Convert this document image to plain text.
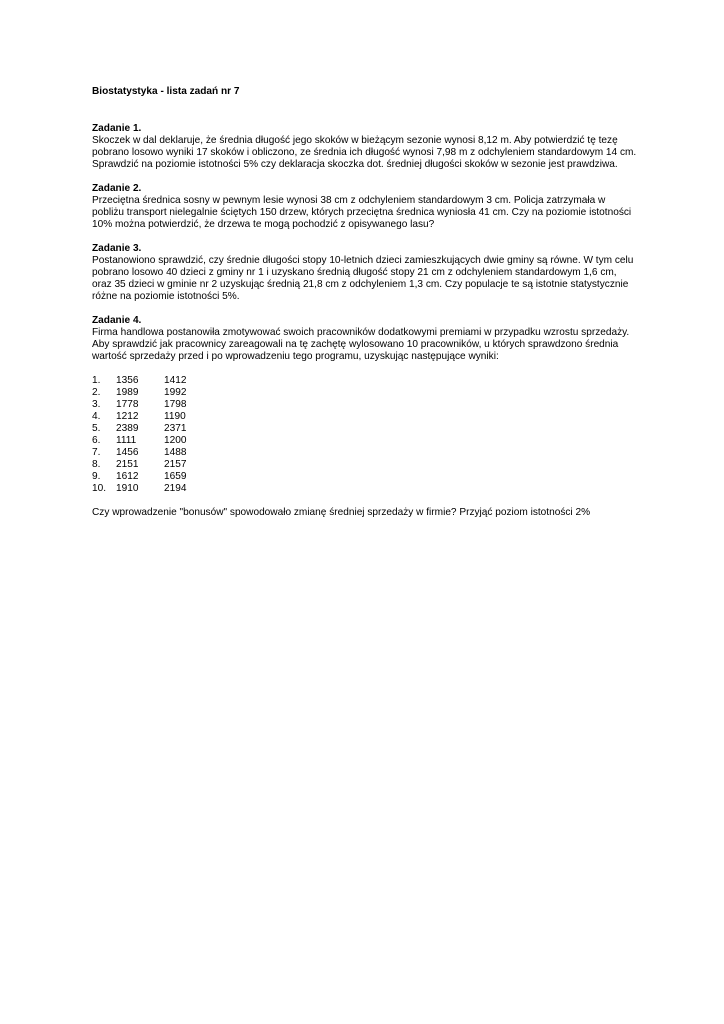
Biostatystyka - lista zadań nr 7

Zadanie 1.

Skoczek w dal deklaruje, że średnia długość jego skoków w bieżącym sezonie wynosi 8,12 m. Aby potwierdzić tę tezę pobrano losowo wyniki 17 skoków i obliczono, ze średnia ich długość wynosi 7,98 m z odchyleniem standardowym 14 cm. Sprawdzić na poziomie istotności 5% czy deklaracja skoczka dot. średniej długości skoków w sezonie jest prawdziwa.

Zadanie 2.

Przeciętna średnica sosny w pewnym lesie wynosi 38 cm z odchyleniem standardowym 3 cm. Policja zatrzymała w pobliżu transport nielegalnie ściętych 150 drzew, których przeciętna średnica wyniosła 41 cm. Czy na poziomie istotności 10% można potwierdzić, że drzewa te mogą pochodzić z opisywanego lasu?

Zadanie 3.

Postanowiono sprawdzić, czy średnie długości stopy 10-letnich dzieci zamieszkujących dwie gminy są równe. W tym celu pobrano losowo 40 dzieci z gminy nr 1 i uzyskano średnią długość stopy 21 cm z odchyleniem standardowym 1,6 cm, oraz 35 dzieci w gminie nr 2 uzyskując średnią 21,8 cm z odchyleniem 1,3 cm. Czy populacje te są istotnie statystycznie różne na poziomie istotności 5%.

Zadanie 4.

Firma handlowa postanowiła zmotywować swoich pracowników dodatkowymi premiami w przypadku wzrostu sprzedaży. Aby sprawdzić jak pracownicy zareagowali na tę zachętę wylosowano 10 pracowników, u których sprawdzono średnia wartość sprzedaży przed i po wprowadzeniu tego programu, uzyskując następujące wyniki:

1.	1356	1412
2.	1989	1992
3.	1778	1798
4.	1212	1190
5.	2389	2371
6.	1111	1200
7.	1456	1488
8.	2151	2157
9.	1612	1659
10.	1910	2194

Czy wprowadzenie "bonusów" spowodowało zmianę średniej sprzedaży w firmie? Przyjąć poziom istotności 2%
